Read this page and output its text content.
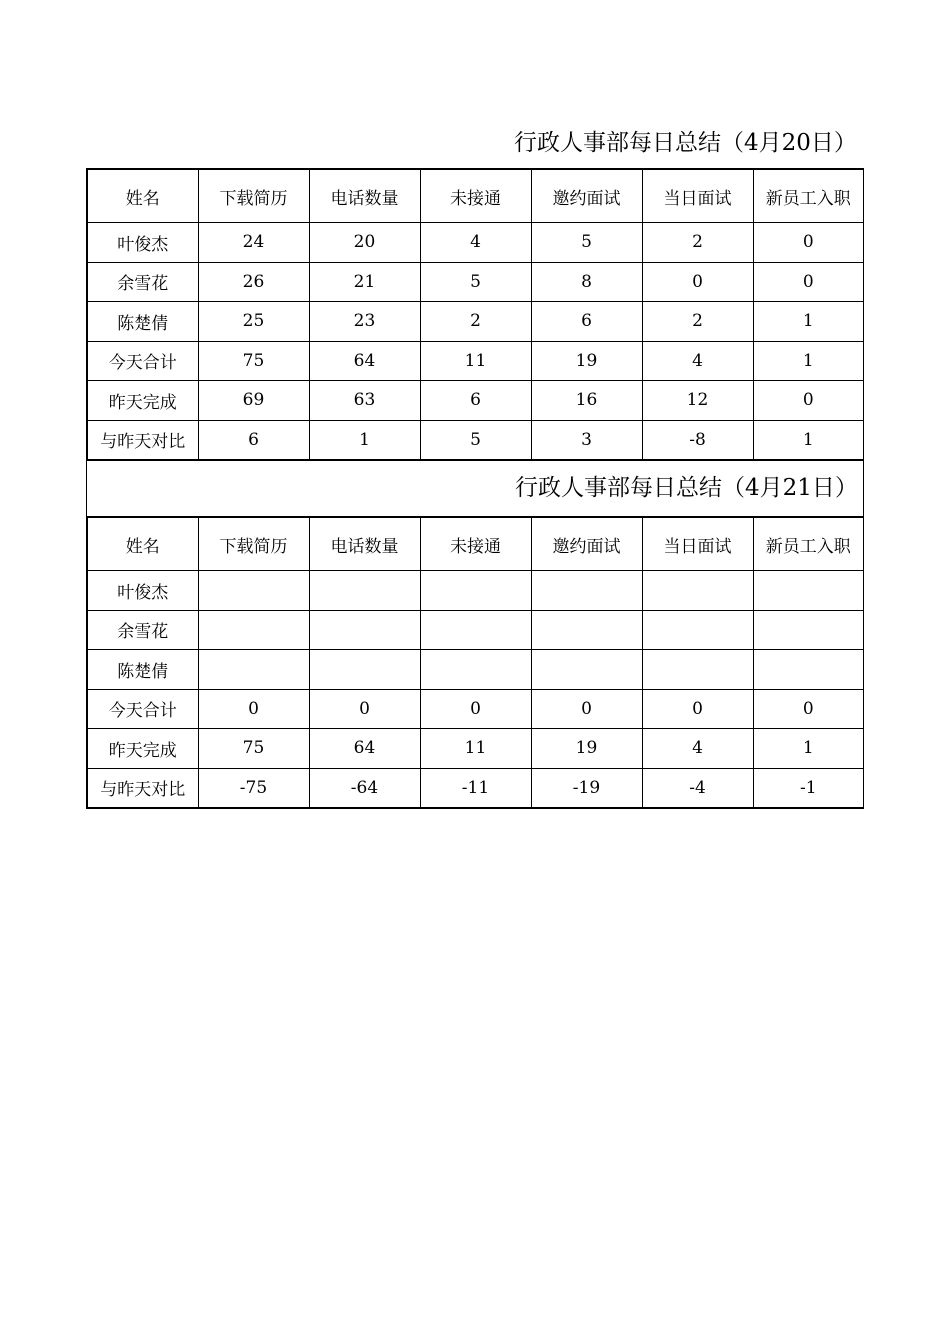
行政人事部每日总结（4月20日）
姓名	下载简历	电话数量	未接通	邀约面试	当日面试	新员工入职
叶俊杰	24	20	4	5	2	0
余雪花	26	21	5	8	0	0
陈楚倩	25	23	2	6	2	1
今天合计	75	64	11	19	4	1
昨天完成	69	63	6	16	12	0
与昨天对比	6	1	5	3	-8	1
行政人事部每日总结（4月21日）
姓名	下载简历	电话数量	未接通	邀约面试	当日面试	新员工入职
叶俊杰						
余雪花						
陈楚倩						
今天合计	0	0	0	0	0	0
昨天完成	75	64	11	19	4	1
与昨天对比	-75	-64	-11	-19	-4	-1
